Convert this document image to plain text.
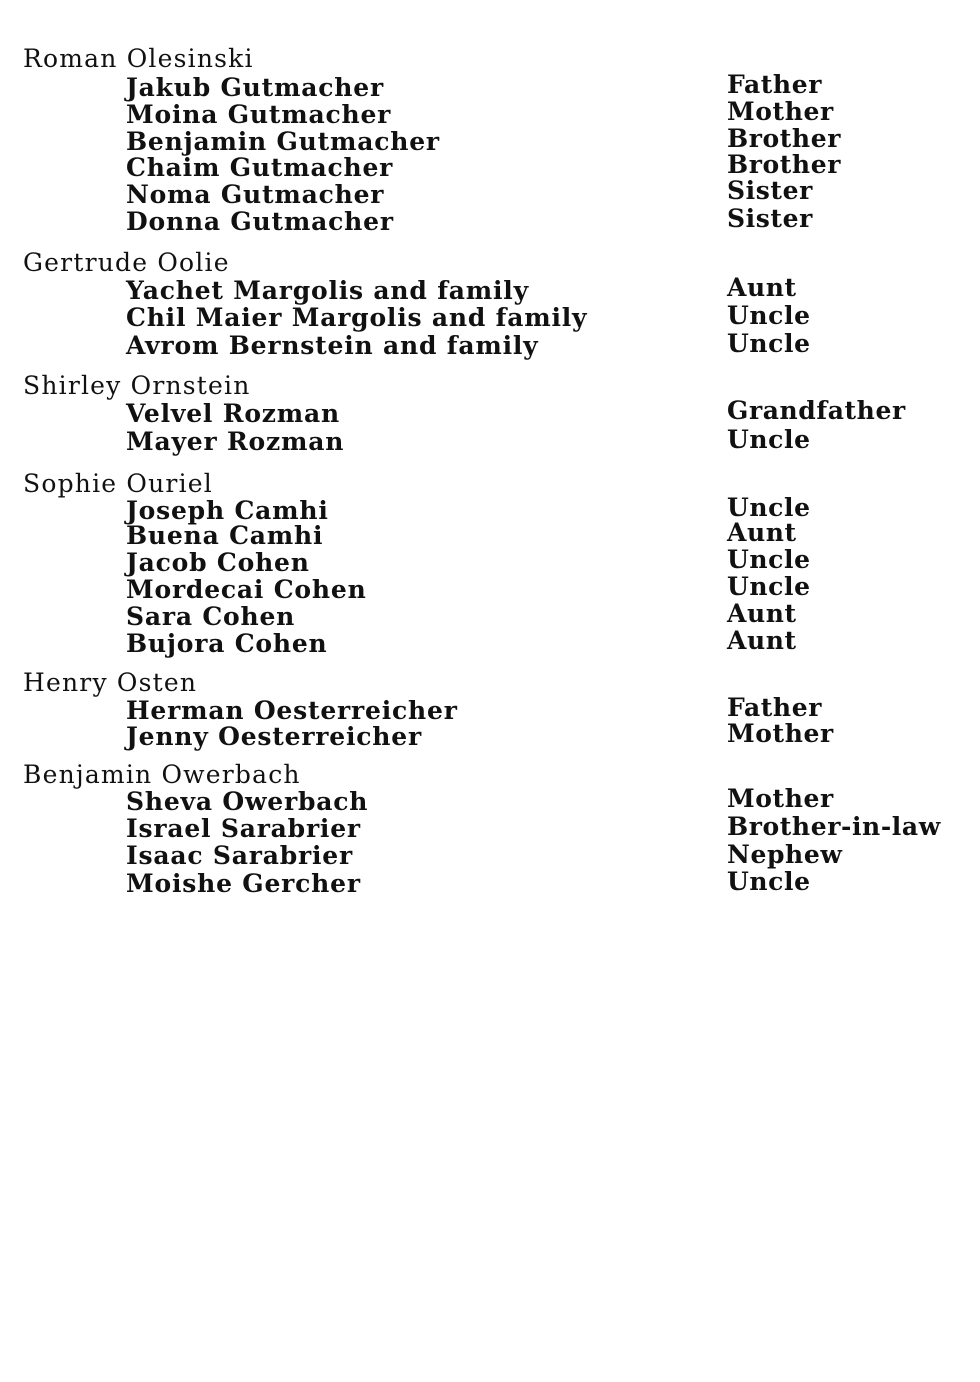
Roman Olesinski
Jakub Gutmacher	Father
Moina Gutmacher	Mother
Benjamin Gutmacher	Brother
Chaim Gutmacher	Brother
Noma Gutmacher	Sister
Donna Gutmacher	Sister
Gertrude Oolie
Yachet Margolis and family	Aunt
Chil Maier Margolis and family	Uncle
Avrom Bernstein and family	Uncle
Shirley Ornstein
Velvel Rozman	Grandfather
Mayer Rozman	Uncle
Sophie Ouriel
Joseph Camhi	Uncle
Buena Camhi	Aunt
Jacob Cohen	Uncle
Mordecai Cohen	Uncle
Sara Cohen	Aunt
Bujora Cohen	Aunt
Henry Osten
Herman Oesterreicher	Father
Jenny Oesterreicher	Mother
Benjamin Owerbach
Sheva Owerbach	Mother
Israel Sarabrier	Brother-in-law
Isaac Sarabrier	Nephew
Moishe Gercher	Uncle
